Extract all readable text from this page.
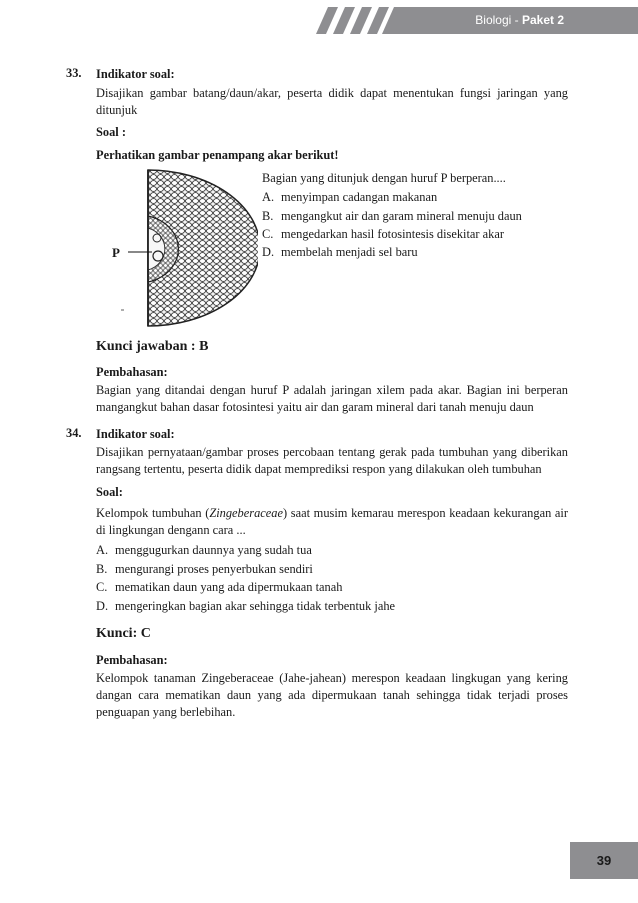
Biologi - Paket 2
33. Indikator soal:
Disajikan gambar batang/daun/akar, peserta didik dapat menentukan fungsi jaringan yang ditunjuk
Soal :
Perhatikan gambar penampang akar berikut!
P
Bagian yang ditunjuk dengan huruf P berperan....
A. menyimpan cadangan makanan
B. mengangkut air dan garam mineral menuju daun
C. mengedarkan hasil fotosintesis disekitar akar
D. membelah menjadi sel baru
Kunci jawaban : B
Pembahasan:
Bagian yang ditandai dengan huruf P adalah jaringan xilem pada akar. Bagian ini berperan mangangkut bahan dasar fotosintesi yaitu air dan garam mineral dari tanah menuju daun
34. Indikator soal:
Disajikan pernyataan/gambar proses percobaan tentang gerak pada tumbuhan yang diberikan rangsang tertentu, peserta didik dapat memprediksi respon yang dilakukan oleh tumbuhan
Soal:
Kelompok tumbuhan (Zingeberaceae) saat musim kemarau merespon keadaan kekurangan air di lingkungan dengann cara ...
A. menggugurkan daunnya yang sudah tua
B. mengurangi proses penyerbukan sendiri
C. mematikan daun yang ada dipermukaan tanah
D. mengeringkan bagian akar sehingga tidak terbentuk jahe
Kunci: C
Pembahasan:
Kelompok tanaman Zingeberaceae (Jahe-jahean) merespon keadaan lingkugan yang kering dangan cara mematikan daun yang ada dipermukaan tanah sehingga tidak terjadi proses penguapan yang berlebihan.
39
